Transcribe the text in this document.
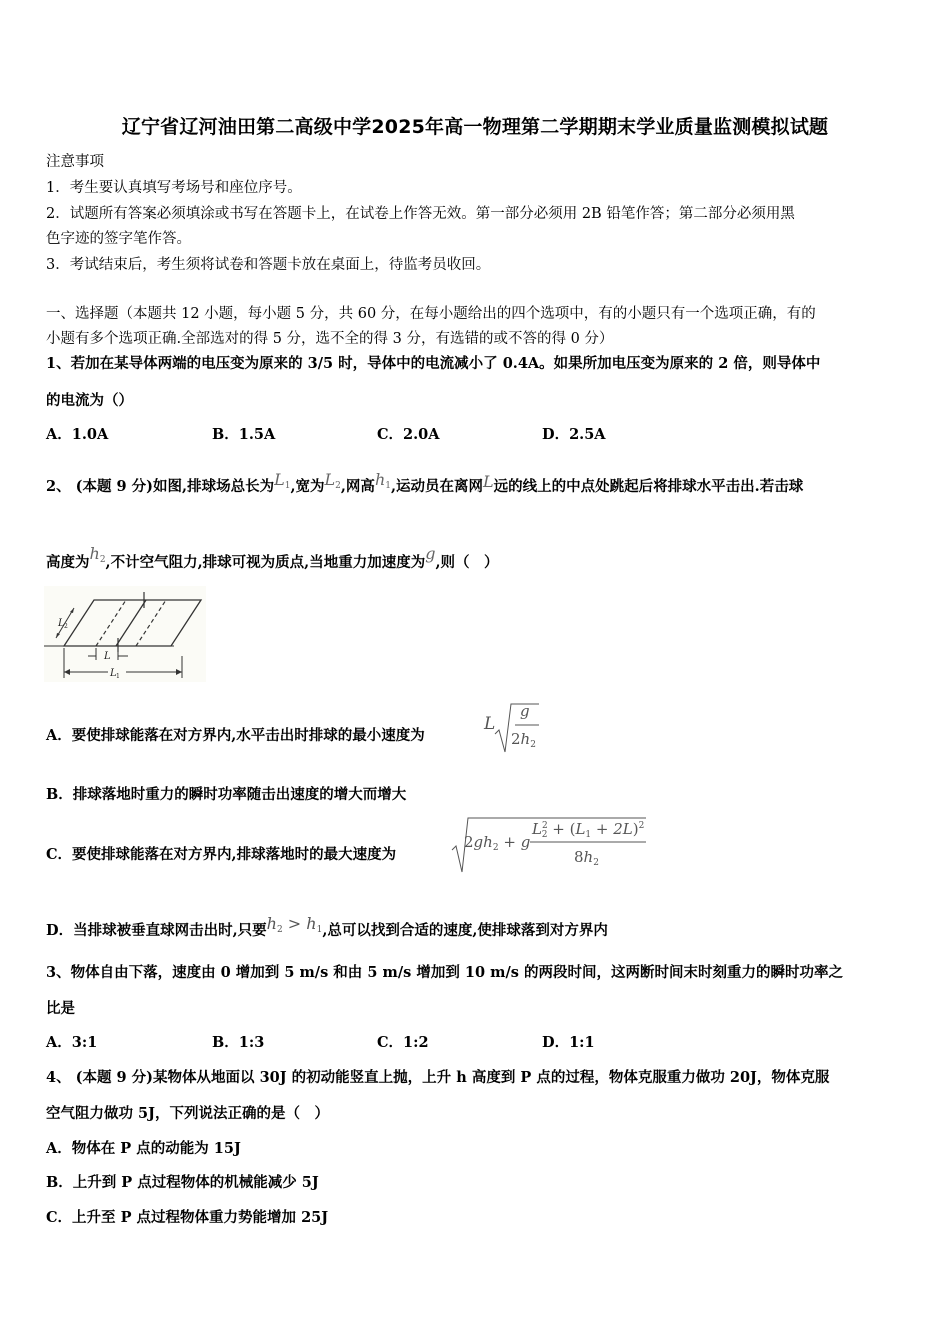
辽宁省辽河油田第二高级中学2025年高一物理第二学期期末学业质量监测模拟试题
注意事项
1．考生要认真填写考场号和座位序号。
2．试题所有答案必须填涂或书写在答题卡上，在试卷上作答无效。第一部分必须用 2B 铅笔作答；第二部分必须用黑
色字迹的签字笔作答。
3．考试结束后，考生须将试卷和答题卡放在桌面上，待监考员收回。
一、选择题（本题共 12 小题，每小题 5 分，共 60 分，在每小题给出的四个选项中，有的小题只有一个选项正确，有的
小题有多个选项正确.全部选对的得 5 分，选不全的得 3 分，有选错的或不答的得 0 分）
1、若加在某导体两端的电压变为原来的 3/5 时，导体中的电流减小了 0.4A。如果所加电压变为原来的 2 倍，则导体中
的电流为（）
A．1.0A	B．1.5A	C．2.0A	D．2.5A
2、 (本题 9 分)如图,排球场总长为$L_1$,宽为$L_2$,网高$h_1$,运动员在离网L远的线上的中点处跳起后将排球水平击出.若击球
高度为$h_2$,不计空气阻力,排球可视为质点,当地重力加速度为g,则（　）
L 2
L
L 1
A．要使排球能落在对方界内,水平击出时排球的最小速度为
L
g
$2h_2$
B．排球落地时重力的瞬时功率随击出速度的增大而增大
C．要使排球能落在对方界内,排球落地时的最大速度为
$2gh_2 + g$
$L^2_2 + (L_1 + 2L)^2$
$8h_2$
D．当排球被垂直球网击出时,只要$h_2 > h_1$,总可以找到合适的速度,使排球落到对方界内
3、物体自由下落，速度由 0 增加到 5 m/s 和由 5 m/s 增加到 10 m/s 的两段时间，这两断时间末时刻重力的瞬时功率之
比是
A．3:1	B．1:3	C．1:2	D．1:1
4、 (本题 9 分)某物体从地面以 30J 的初动能竖直上抛，上升 h 高度到 P 点的过程，物体克服重力做功 20J，物体克服
空气阻力做功 5J，下列说法正确的是（　）
A．物体在 P 点的动能为 15J
B．上升到 P 点过程物体的机械能减少 5J
C．上升至 P 点过程物体重力势能增加 25J
